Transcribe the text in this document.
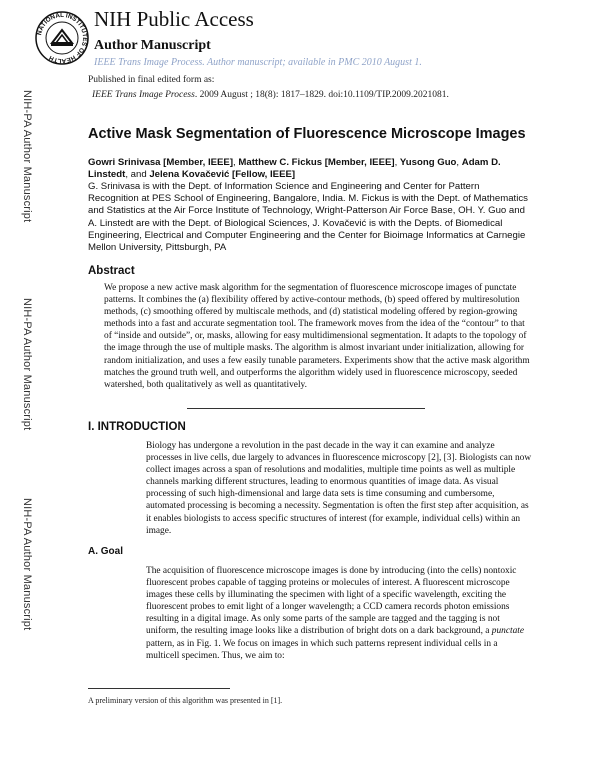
NATIONAL INSTITUTES OF HEALTH
NIH Public Access
Author Manuscript
IEEE Trans Image Process. Author manuscript; available in PMC 2010 August 1.
Published in final edited form as:
IEEE Trans Image Process. 2009 August ; 18(8): 1817–1829. doi:10.1109/TIP.2009.2021081.
NIH-PA Author Manuscript
NIH-PA Author Manuscript
NIH-PA Author Manuscript
Active Mask Segmentation of Fluorescence Microscope Images
Gowri Srinivasa [Member, IEEE], Matthew C. Fickus [Member, IEEE], Yusong Guo, Adam D. Linstedt, and Jelena Kovačević [Fellow, IEEE]
G. Srinivasa is with the Dept. of Information Science and Engineering and Center for Pattern Recognition at PES School of Engineering, Bangalore, India. M. Fickus is with the Dept. of Mathematics and Statistics at the Air Force Institute of Technology, Wright-Patterson Air Force Base, OH. Y. Guo and A. Linstedt are with the Dept. of Biological Sciences, J. Kovačević is with the Depts. of Biomedical Engineering, Electrical and Computer Engineering and the Center for Bioimage Informatics at Carnegie Mellon University, Pittsburgh, PA
Abstract

We propose a new active mask algorithm for the segmentation of fluorescence microscope images of punctate patterns. It combines the (a) flexibility offered by active-contour methods, (b) speed offered by multiresolution methods, (c) smoothing offered by multiscale methods, and (d) statistical modeling offered by region-growing methods into a fast and accurate segmentation tool. The framework moves from the idea of the “contour” to that of “inside and outside”, or, masks, allowing for easy multidimensional segmentation. It adapts to the topology of the image through the use of multiple masks. The algorithm is almost invariant under initialization, allowing for random initialization, and uses a few easily tunable parameters. Experiments show that the active mask algorithm matches the ground truth well, and outperforms the algorithm widely used in fluorescence microscopy, seeded watershed, both qualitatively as well as quantitatively.

I. INTRODUCTION

Biology has undergone a revolution in the past decade in the way it can examine and analyze processes in live cells, due largely to advances in fluorescence microscopy [2], [3]. Biologists can now collect images across a span of resolutions and modalities, multiple time points as well as multiple channels marking different structures, leading to enormous quantities of image data. As visual processing of such high-dimensional and large data sets is time consuming and cumbersome, automated processing is becoming a necessity. Segmentation is often the first step after acquisition, as it enables biologists to access specific structures of interest (for example, individual cells) within an image.

A. Goal

The acquisition of fluorescence microscope images is done by introducing (into the cells) nontoxic fluorescent probes capable of tagging proteins or molecules of interest. A fluorescent microscope images these cells by illuminating the specimen with light of a specific wavelength, exciting the fluorescent probes to emit light of a longer wavelength; a CCD camera records photon emissions resulting in a digital image. As only some parts of the sample are tagged and the tagging is not uniform, the resulting image looks like a distribution of bright dots on a dark background, a punctate pattern, as in Fig. 1. We focus on images in which such patterns represent individual cells in a multicell specimen. Thus, we aim to:

A preliminary version of this algorithm was presented in [1].
